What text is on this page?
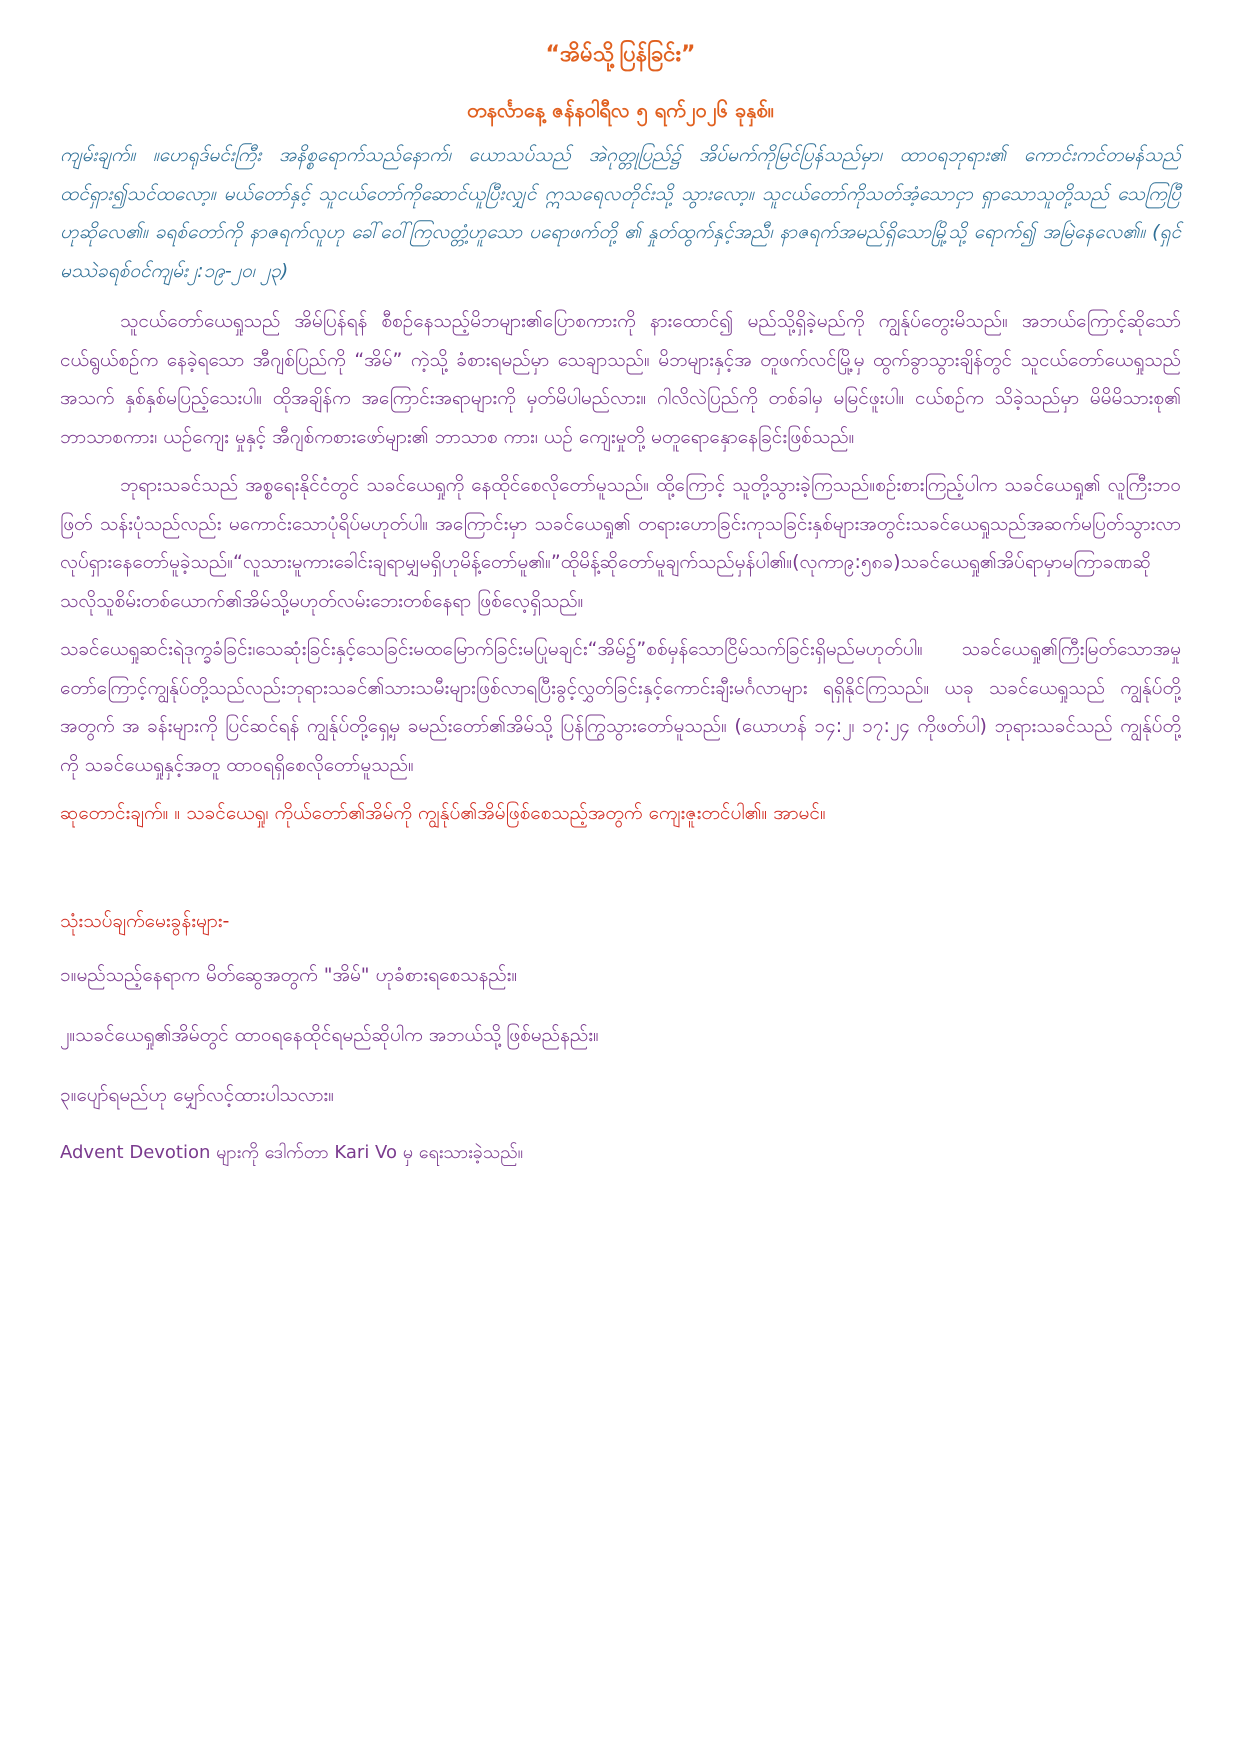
“အိမ်သို့ပြန်ခြင်း”

တနင်္လာနေ့ ဇန်နဝါရီလ ၅ ရက်၂၀၂၆ ခုနှစ်။

ကျမ်းချက်။ ။ဟေရုဒ်မင်းကြီး အနိစ္စရောက်သည်နောက်၊ ယောသပ်သည် အဲဂုတ္တုပြည်၌ အိပ်မက်ကိုမြင်ပြန်သည်မှာ၊ ထာဝရဘုရား၏ ကောင်းကင်တမန်သည် ထင်ရှား၍သင်ထလော့။ မယ်တော်နှင့် သူငယ်တော်ကိုဆောင်ယူပြီးလျှင် ဣသရေလတိုင်းသို့ သွားလော့။ သူငယ်တော်ကိုသတ်အံ့သောငှာ ရှာသောသူတို့သည် သေကြပြီဟုဆိုလေ၏။ ခရစ်တော်ကို နာဇရက်လူဟု ခေါ်ဝေါ်ကြလတ္တံ့ဟူသော ပရောဖက်တို့ ၏ နှုတ်ထွက်နှင့်အညီ၊ နာဇရက်အမည်ရှိသောမြို့သို့ ရောက်၍ အမြဲနေလေ၏။ (ရှင်မဿဲခရစ်ဝင်ကျမ်း၂:၁၉-၂၀၊ ၂၃)

သူငယ်တော်ယေရှုသည် အိမ်ပြန်ရန် စီစဉ်နေသည့်မိဘများ၏ပြောစကားကို နားထောင်၍ မည်သို့ရှိခဲ့မည်ကို ကျွန်ုပ်တွေးမိသည်။ အဘယ်ကြောင့်ဆိုသော်ငယ်ရွယ်စဉ်က နေခဲ့ရသော အီဂျစ်ပြည်ကို “အိမ်” ကဲ့သို့ ခံစားရမည်မှာ သေချာသည်။ မိဘများနှင့်အ တူဖက်လင်မြို့မှ ထွက်ခွာသွားချိန်တွင် သူငယ်တော်ယေရှုသည် အသက် နှစ်နှစ်မပြည့်သေးပါ။ ထိုအချိန်က အကြောင်းအရာများကို မှတ်မိပါမည်လား။ ဂါလိလဲပြည်ကို တစ်ခါမှ မမြင်ဖူးပါ။ ငယ်စဉ်က သိခဲ့သည်မှာ မိမိမိသားစု၏ ဘာသာစကား၊ ယဉ်ကျေး မှုနှင့် အီဂျစ်ကစားဖော်များ၏ ဘာသာစ ကား၊ ယဉ် ကျေးမှုတို့ မတူရောနှောနေခြင်းဖြစ်သည်။

ဘုရားသခင်သည် အစ္စရေးနိုင်ငံတွင် သခင်ယေရှုကို နေထိုင်စေလိုတော်မူသည်။ ထို့ကြောင့် သူတို့သွားခဲ့ကြသည်။စဉ်းစားကြည့်ပါက သခင်ယေရှု၏ လူကြီးဘဝဖြတ် သန်းပုံသည်လည်း မကောင်းသောပုံရိပ်မဟုတ်ပါ။ အကြောင်းမှာ သခင်ယေရှု၏ တရားဟောခြင်းကုသခြင်းနှစ်များအတွင်းသခင်ယေရှုသည်အဆက်မပြတ်သွားလာလုပ်ရှားနေတော်မူခဲ့သည်။“လူသားမူကားခေါင်းချရာမျှမရှိဟုမိန့်တော်မူ၏။”ထိုမိန့်ဆိုတော်မူချက်သည်မှန်ပါ၏။(လုကာ၉:၅၈ခ)သခင်ယေရှု၏အိပ်ရာမှာမကြာခဏဆိုသလိုသူစိမ်းတစ်ယောက်၏အိမ်သို့မဟုတ်လမ်းဘေးတစ်နေရာ ဖြစ်လေ့ရှိသည်။

သခင်ယေရှုဆင်းရဲဒုက္ခခံခြင်း၊သေဆုံးခြင်းနှင့်သေခြင်းမထမြောက်ခြင်းမပြုမချင်း“အိမ်၌”စစ်မှန်သောငြိမ်သက်ခြင်းရှိမည်မဟုတ်ပါ။ သခင်ယေရှု၏ကြီးမြတ်သောအမှုတော်ကြောင့်ကျွန်ုပ်တို့သည်လည်းဘုရားသခင်၏သားသမီးများဖြစ်လာရပြီးခွင့်လွှတ်ခြင်းနှင့်ကောင်းချီးမင်္ဂလာများ ရရှိနိုင်ကြသည်။ ယခု သခင်ယေရှုသည် ကျွန်ုပ်တို့အတွက် အ ခန်းများကို ပြင်ဆင်ရန် ကျွန်ုပ်တို့ရှေ့မှ ခမည်းတော်၏အိမ်သို့ ပြန်ကြွသွားတော်မူသည်။ (ယောဟန် ၁၄:၂၊ ၁၇:၂၄ ကိုဖတ်ပါ) ဘုရားသခင်သည် ကျွန်ုပ်တို့ကို သခင်ယေရှုနှင့်အတူ ထာဝရရှိစေလိုတော်မူသည်။

ဆုတောင်းချက်။ ။ သခင်ယေရှု၊ ကိုယ်တော်၏အိမ်ကို ကျွန်ုပ်၏အိမ်ဖြစ်စေသည့်အတွက် ကျေးဇူးတင်ပါ၏။ အာမင်။

သုံးသပ်ချက်မေးခွန်းများ-

၁။မည်သည့်နေရာက မိတ်ဆွေအတွက် "အိမ်" ဟုခံစားရစေသနည်း။

၂။သခင်ယေရှု၏အိမ်တွင် ထာဝရနေထိုင်ရမည်ဆိုပါက အဘယ်သို့ဖြစ်မည်နည်း။

၃။ပျော်ရမည်ဟု မျှော်လင့်ထားပါသလား။

Advent Devotion များကို ဒေါက်တာ Kari Vo မှ ရေးသားခဲ့သည်။
